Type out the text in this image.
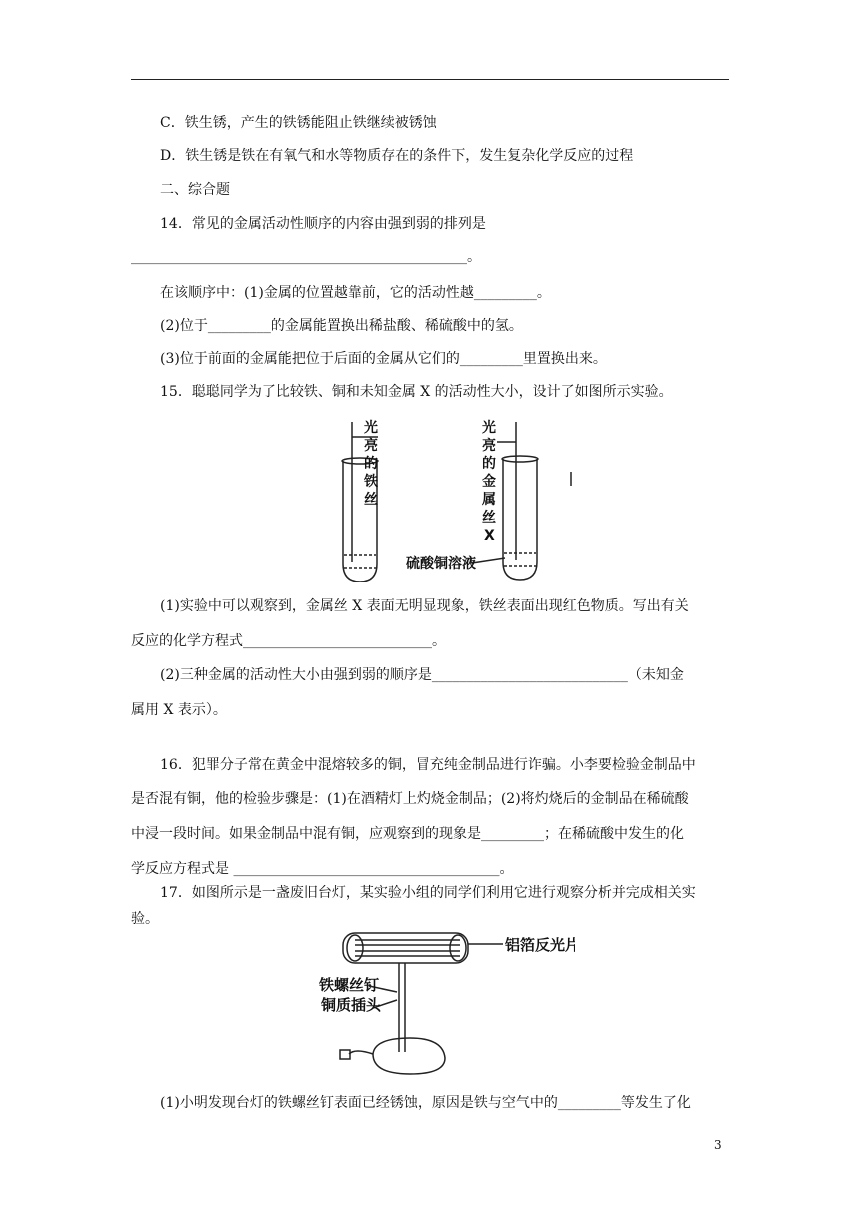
C．铁生锈，产生的铁锈能阻止铁继续被锈蚀
D．铁生锈是铁在有氧气和水等物质存在的条件下，发生复杂化学反应的过程
二、综合题
14．常见的金属活动性顺序的内容由强到弱的排列是
________________________________________________。
在该顺序中：(1)金属的位置越靠前，它的活动性越_________。
(2)位于_________的金属能置换出稀盐酸、稀硫酸中的氢。
(3)位于前面的金属能把位于后面的金属从它们的_________里置换出来。
15．聪聪同学为了比较铁、铜和未知金属 X 的活动性大小，设计了如图所示实验。
光
亮
的
铁
丝
光
亮
的
金
属
丝
X
硫酸铜溶液
(1)实验中可以观察到，金属丝 X 表面无明显现象，铁丝表面出现红色物质。写出有关
反应的化学方程式___________________________。
(2)三种金属的活动性大小由强到弱的顺序是____________________________（未知金
属用 X 表示）。
16．犯罪分子常在黄金中混熔较多的铜，冒充纯金制品进行诈骗。小李要检验金制品中
是否混有铜，他的检验步骤是：(1)在酒精灯上灼烧金制品；(2)将灼烧后的金制品在稀硫酸
中浸一段时间。如果金制品中混有铜，应观察到的现象是_________；在稀硫酸中发生的化
学反应方程式是 ______________________________________。
17．如图所示是一盏废旧台灯，某实验小组的同学们利用它进行观察分析并完成相关实
验。
铝箔反光片
铁螺丝钉
铜质插头
(1)小明发现台灯的铁螺丝钉表面已经锈蚀，原因是铁与空气中的_________等发生了化
3
